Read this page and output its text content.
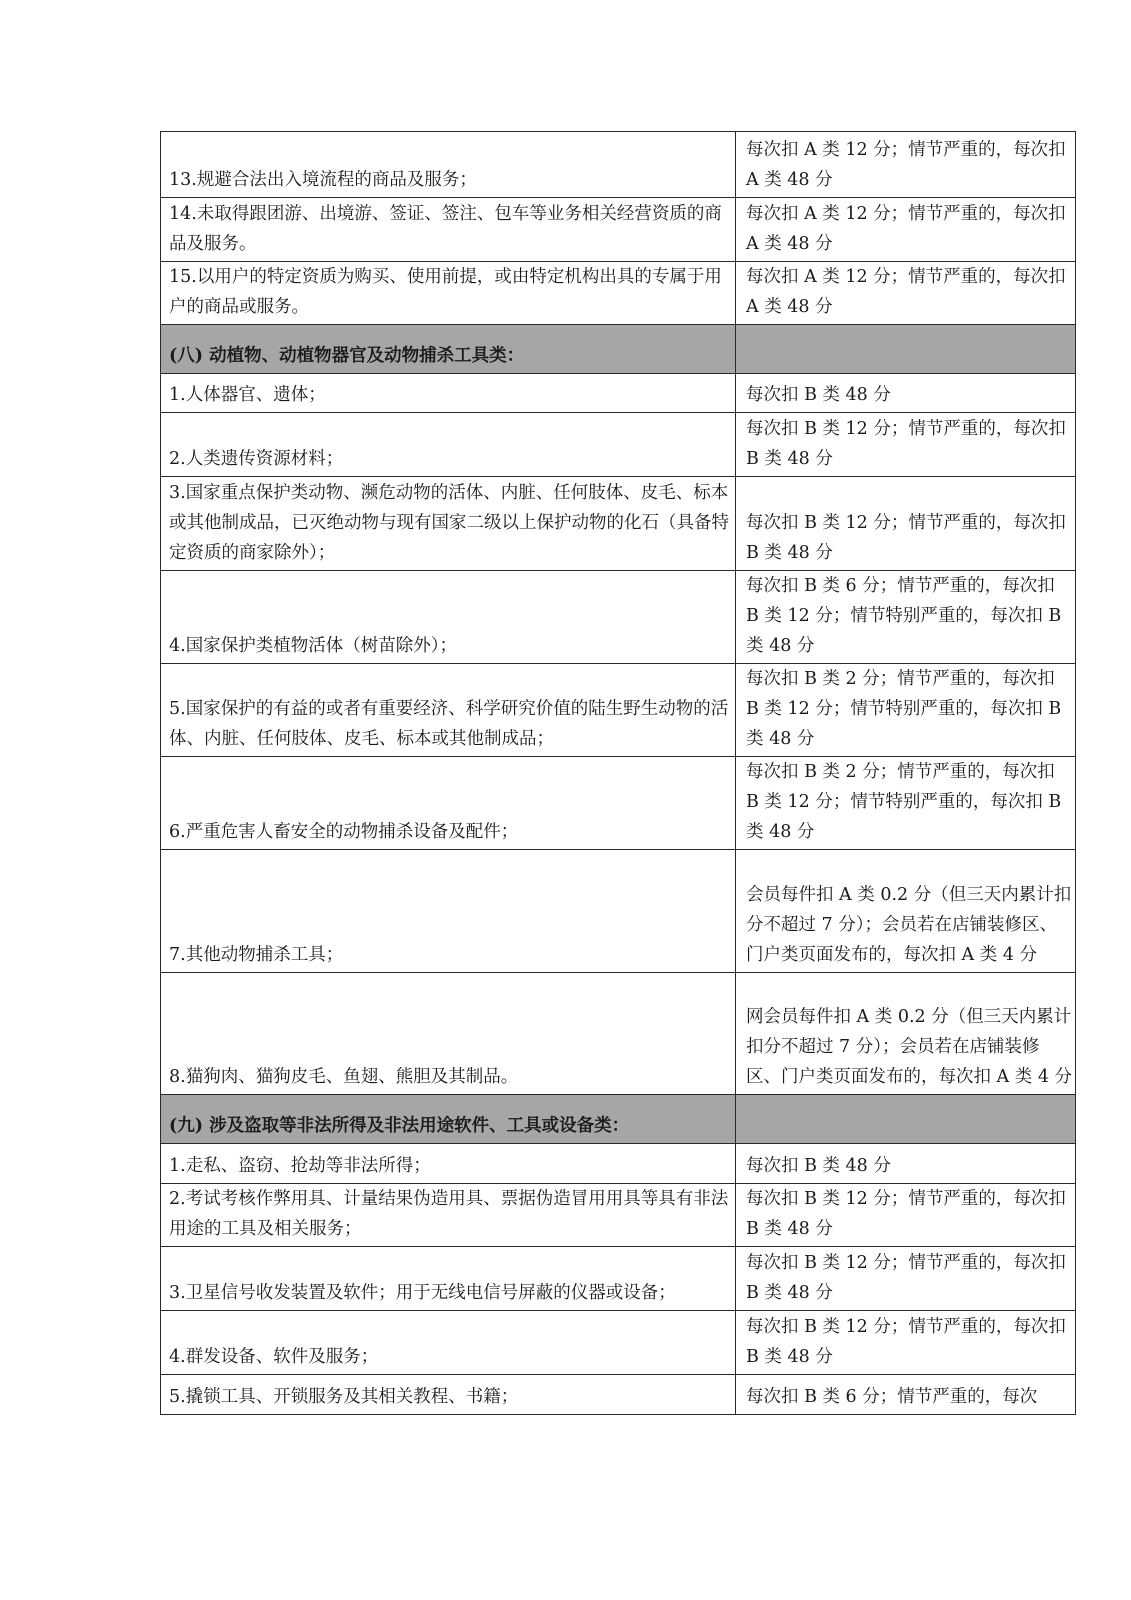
13.规避合法出入境流程的商品及服务；	每次扣 A 类 12 分；情节严重的，每次扣 A 类 48 分
14.未取得跟团游、出境游、签证、签注、包车等业务相关经营资质的商品及服务。	每次扣 A 类 12 分；情节严重的，每次扣 A 类 48 分
15.以用户的特定资质为购买、使用前提，或由特定机构出具的专属于用户的商品或服务。	每次扣 A 类 12 分；情节严重的，每次扣 A 类 48 分
(八) 动植物、动植物器官及动物捕杀工具类：	
1.人体器官、遗体；	每次扣 B 类 48 分
2.人类遗传资源材料；	每次扣 B 类 12 分；情节严重的，每次扣 B 类 48 分
3.国家重点保护类动物、濒危动物的活体、内脏、任何肢体、皮毛、标本或其他制成品，已灭绝动物与现有国家二级以上保护动物的化石（具备特定资质的商家除外）；	每次扣 B 类 12 分；情节严重的，每次扣 B 类 48 分
4.国家保护类植物活体（树苗除外）；	每次扣 B 类 6 分；情节严重的，每次扣 B 类 12 分；情节特别严重的，每次扣 B 类 48 分
5.国家保护的有益的或者有重要经济、科学研究价值的陆生野生动物的活体、内脏、任何肢体、皮毛、标本或其他制成品；	每次扣 B 类 2 分；情节严重的，每次扣 B 类 12 分；情节特别严重的，每次扣 B 类 48 分
6.严重危害人畜安全的动物捕杀设备及配件；	每次扣 B 类 2 分；情节严重的，每次扣 B 类 12 分；情节特别严重的，每次扣 B 类 48 分
7.其他动物捕杀工具；	会员每件扣 A 类 0.2 分（但三天内累计扣分不超过 7 分）；会员若在店铺装修区、门户类页面发布的，每次扣 A 类 4 分
8.猫狗肉、猫狗皮毛、鱼翅、熊胆及其制品。	网会员每件扣 A 类 0.2 分（但三天内累计扣分不超过 7 分）；会员若在店铺装修区、门户类页面发布的，每次扣 A 类 4 分
(九) 涉及盗取等非法所得及非法用途软件、工具或设备类：	
1.走私、盗窃、抢劫等非法所得；	每次扣 B 类 48 分
2.考试考核作弊用具、计量结果伪造用具、票据伪造冒用用具等具有非法用途的工具及相关服务；	每次扣 B 类 12 分；情节严重的，每次扣 B 类 48 分
3.卫星信号收发装置及软件；用于无线电信号屏蔽的仪器或设备；	每次扣 B 类 12 分；情节严重的，每次扣 B 类 48 分
4.群发设备、软件及服务；	每次扣 B 类 12 分；情节严重的，每次扣 B 类 48 分
5.撬锁工具、开锁服务及其相关教程、书籍；	每次扣 B 类 6 分；情节严重的，每次
